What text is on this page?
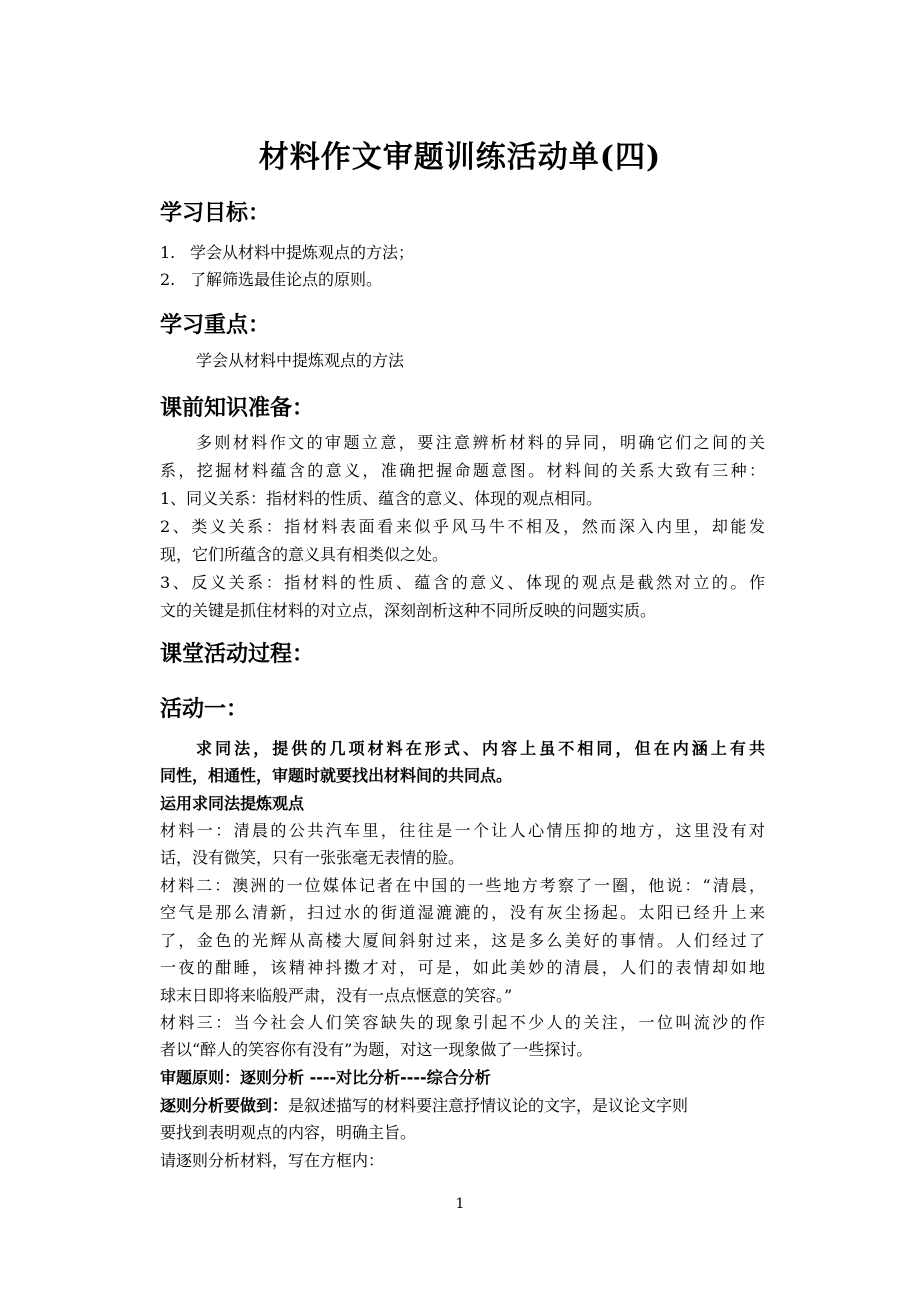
材料作文审题训练活动单(四)
学习目标：
1. 学会从材料中提炼观点的方法；
2. 了解筛选最佳论点的原则。
学习重点：
学会从材料中提炼观点的方法
课前知识准备：
多则材料作文的审题立意，要注意辨析材料的异同，明确它们之间的关
系，挖掘材料蕴含的意义，准确把握命题意图。材料间的关系大致有三种：
1、同义关系：指材料的性质、蕴含的意义、体现的观点相同。
2、类义关系：指材料表面看来似乎风马牛不相及，然而深入内里，却能发
现，它们所蕴含的意义具有相类似之处。
3、反义关系：指材料的性质、蕴含的意义、体现的观点是截然对立的。作
文的关键是抓住材料的对立点，深刻剖析这种不同所反映的问题实质。
课堂活动过程：
活动一：
求同法，提供的几项材料在形式、内容上虽不相同，但在内涵上有共
同性，相通性，审题时就要找出材料间的共同点。
运用求同法提炼观点
材料一：清晨的公共汽车里，往往是一个让人心情压抑的地方，这里没有对
话，没有微笑，只有一张张毫无表情的脸。
材料二：澳洲的一位媒体记者在中国的一些地方考察了一圈，他说：“清晨，
空气是那么清新，扫过水的街道湿漉漉的，没有灰尘扬起。太阳已经升上来
了，金色的光辉从高楼大厦间斜射过来，这是多么美好的事情。人们经过了
一夜的酣睡，该精神抖擞才对，可是，如此美妙的清晨，人们的表情却如地
球末日即将来临般严肃，没有一点点惬意的笑容。”
材料三：当今社会人们笑容缺失的现象引起不少人的关注，一位叫流沙的作
者以“醉人的笑容你有没有”为题，对这一现象做了一些探讨。
审题原则：逐则分析 ----对比分析----综合分析
逐则分析要做到：是叙述描写的材料要注意抒情议论的文字，是议论文字则
要找到表明观点的内容，明确主旨。
请逐则分析材料，写在方框内：
1
